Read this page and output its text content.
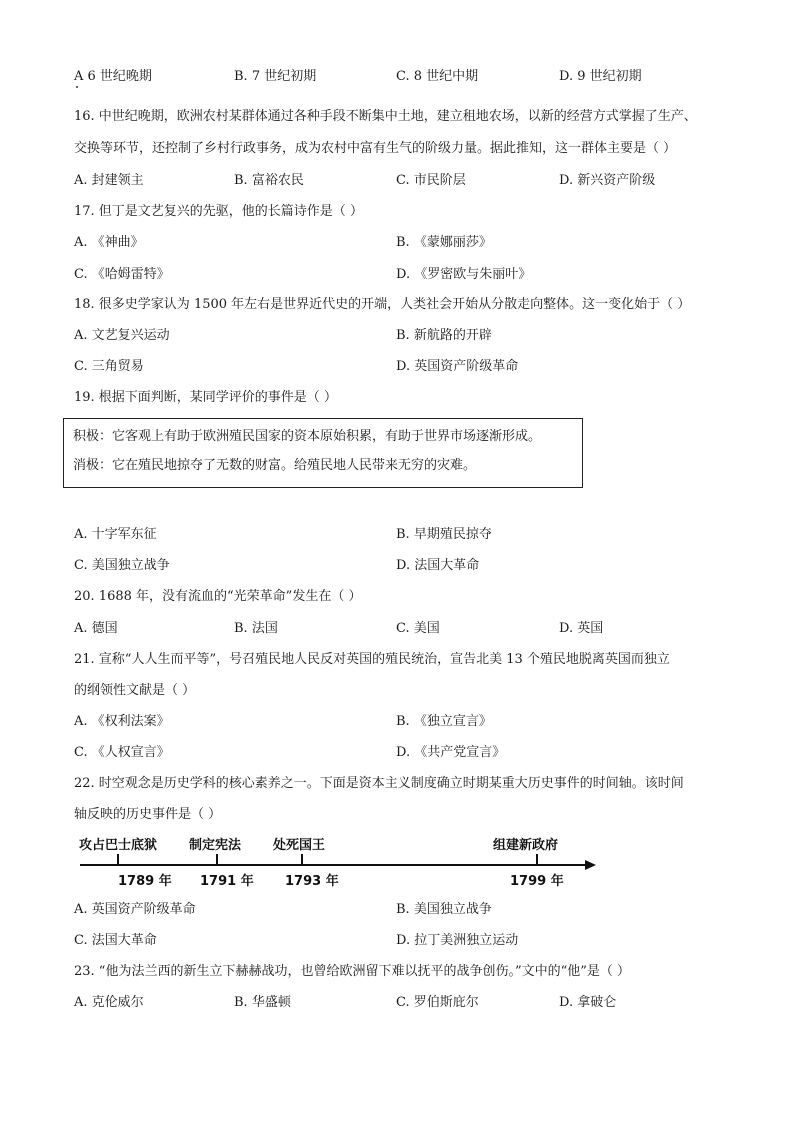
A 6 世纪晚期	B. 7 世纪初期	C. 8 世纪中期	D. 9 世纪初期
16. 中世纪晚期，欧洲农村某群体通过各种手段不断集中土地，建立租地农场，以新的经营方式掌握了生产、
交换等环节，还控制了乡村行政事务，成为农村中富有生气的阶级力量。据此推知，这一群体主要是（ ）
A. 封建领主	B. 富裕农民	C. 市民阶层	D. 新兴资产阶级
17. 但丁是文艺复兴的先驱，他的长篇诗作是（ ）
A. 《神曲》	B. 《蒙娜丽莎》
C. 《哈姆雷特》	D. 《罗密欧与朱丽叶》
18. 很多史学家认为 1500 年左右是世界近代史的开端，人类社会开始从分散走向整体。这一变化始于（ ）
A. 文艺复兴运动	B. 新航路的开辟
C. 三角贸易	D. 英国资产阶级革命
19. 根据下面判断，某同学评价的事件是（ ）
积极：它客观上有助于欧洲殖民国家的资本原始积累，有助于世界市场逐渐形成。
消极：它在殖民地掠夺了无数的财富。给殖民地人民带来无穷的灾难。
A. 十字军东征	B. 早期殖民掠夺
C. 美国独立战争	D. 法国大革命
20. 1688 年，没有流血的“光荣革命”发生在（ ）
A. 德国	B. 法国	C. 美国	D. 英国
21. 宣称“人人生而平等”，号召殖民地人民反对英国的殖民统治，宣告北美 13 个殖民地脱离英国而独立
的纲领性文献是（ ）
A. 《权利法案》	B. 《独立宣言》
C. 《人权宣言》	D. 《共产党宣言》
22. 时空观念是历史学科的核心素养之一。下面是资本主义制度确立时期某重大历史事件的时间轴。该时间
轴反映的历史事件是（ ）
攻占巴士底狱 制定宪法 处死国王	组建新政府
1789 年 1791 年 1793 年	1799 年
A. 英国资产阶级革命	B. 美国独立战争
C. 法国大革命	D. 拉丁美洲独立运动
23. “他为法兰西的新生立下赫赫战功，也曾给欧洲留下难以抚平的战争创伤。”文中的“他”是（ ）
A. 克伦威尔	B. 华盛顿	C. 罗伯斯庇尔	D. 拿破仑
